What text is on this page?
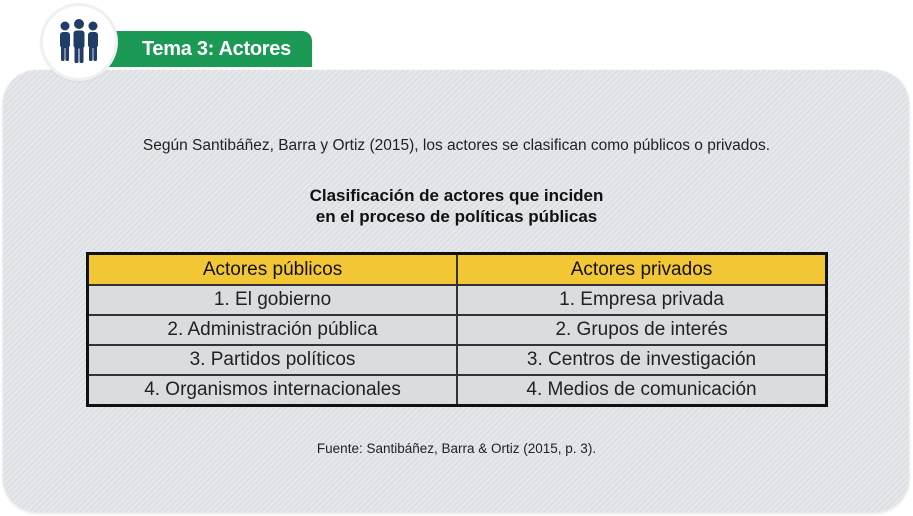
Tema 3: Actores
Según Santibáñez, Barra y Ortiz (2015), los actores se clasifican como públicos o privados.
Clasificación de actores que inciden
en el proceso de políticas públicas
Actores públicos	Actores privados
1. El gobierno	1. Empresa privada
2. Administración pública	2. Grupos de interés
3. Partidos políticos	3. Centros de investigación
4. Organismos internacionales	4. Medios de comunicación
Fuente: Santibáñez, Barra & Ortiz (2015, p. 3).
